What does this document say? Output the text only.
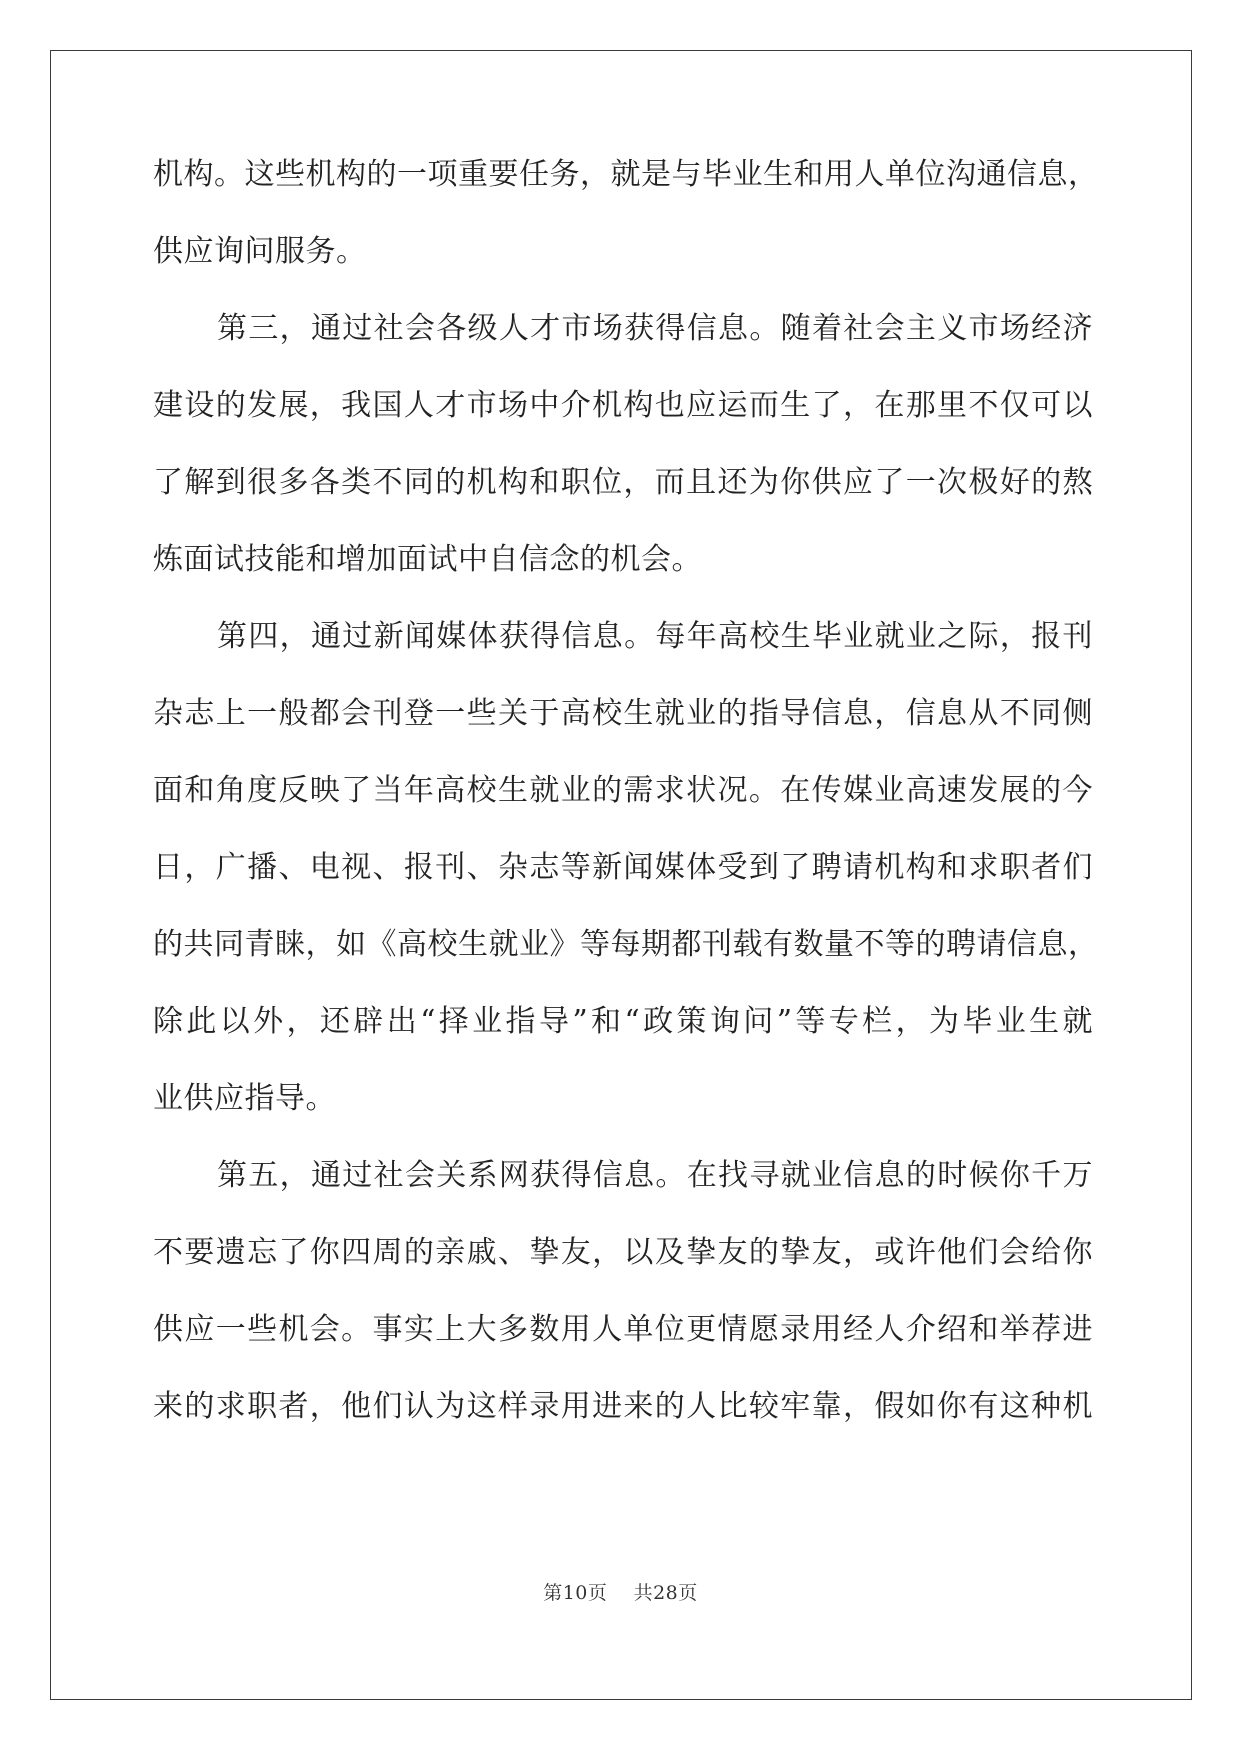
机构。这些机构的一项重要任务，就是与毕业生和用人单位沟通信息，
供应询问服务。
第三，通过社会各级人才市场获得信息。随着社会主义市场经济
建设的发展，我国人才市场中介机构也应运而生了，在那里不仅可以
了解到很多各类不同的机构和职位，而且还为你供应了一次极好的熬
炼面试技能和增加面试中自信念的机会。
第四，通过新闻媒体获得信息。每年高校生毕业就业之际，报刊
杂志上一般都会刊登一些关于高校生就业的指导信息，信息从不同侧
面和角度反映了当年高校生就业的需求状况。在传媒业高速发展的今
日，广播、电视、报刊、杂志等新闻媒体受到了聘请机构和求职者们
的共同青睐，如《高校生就业》等每期都刊载有数量不等的聘请信息，
除此以外，还辟出“择业指导”和“政策询问”等专栏，为毕业生就
业供应指导。
第五，通过社会关系网获得信息。在找寻就业信息的时候你千万
不要遗忘了你四周的亲戚、挚友，以及挚友的挚友，或许他们会给你
供应一些机会。事实上大多数用人单位更情愿录用经人介绍和举荐进
来的求职者，他们认为这样录用进来的人比较牢靠，假如你有这种机
第10页 共28页
